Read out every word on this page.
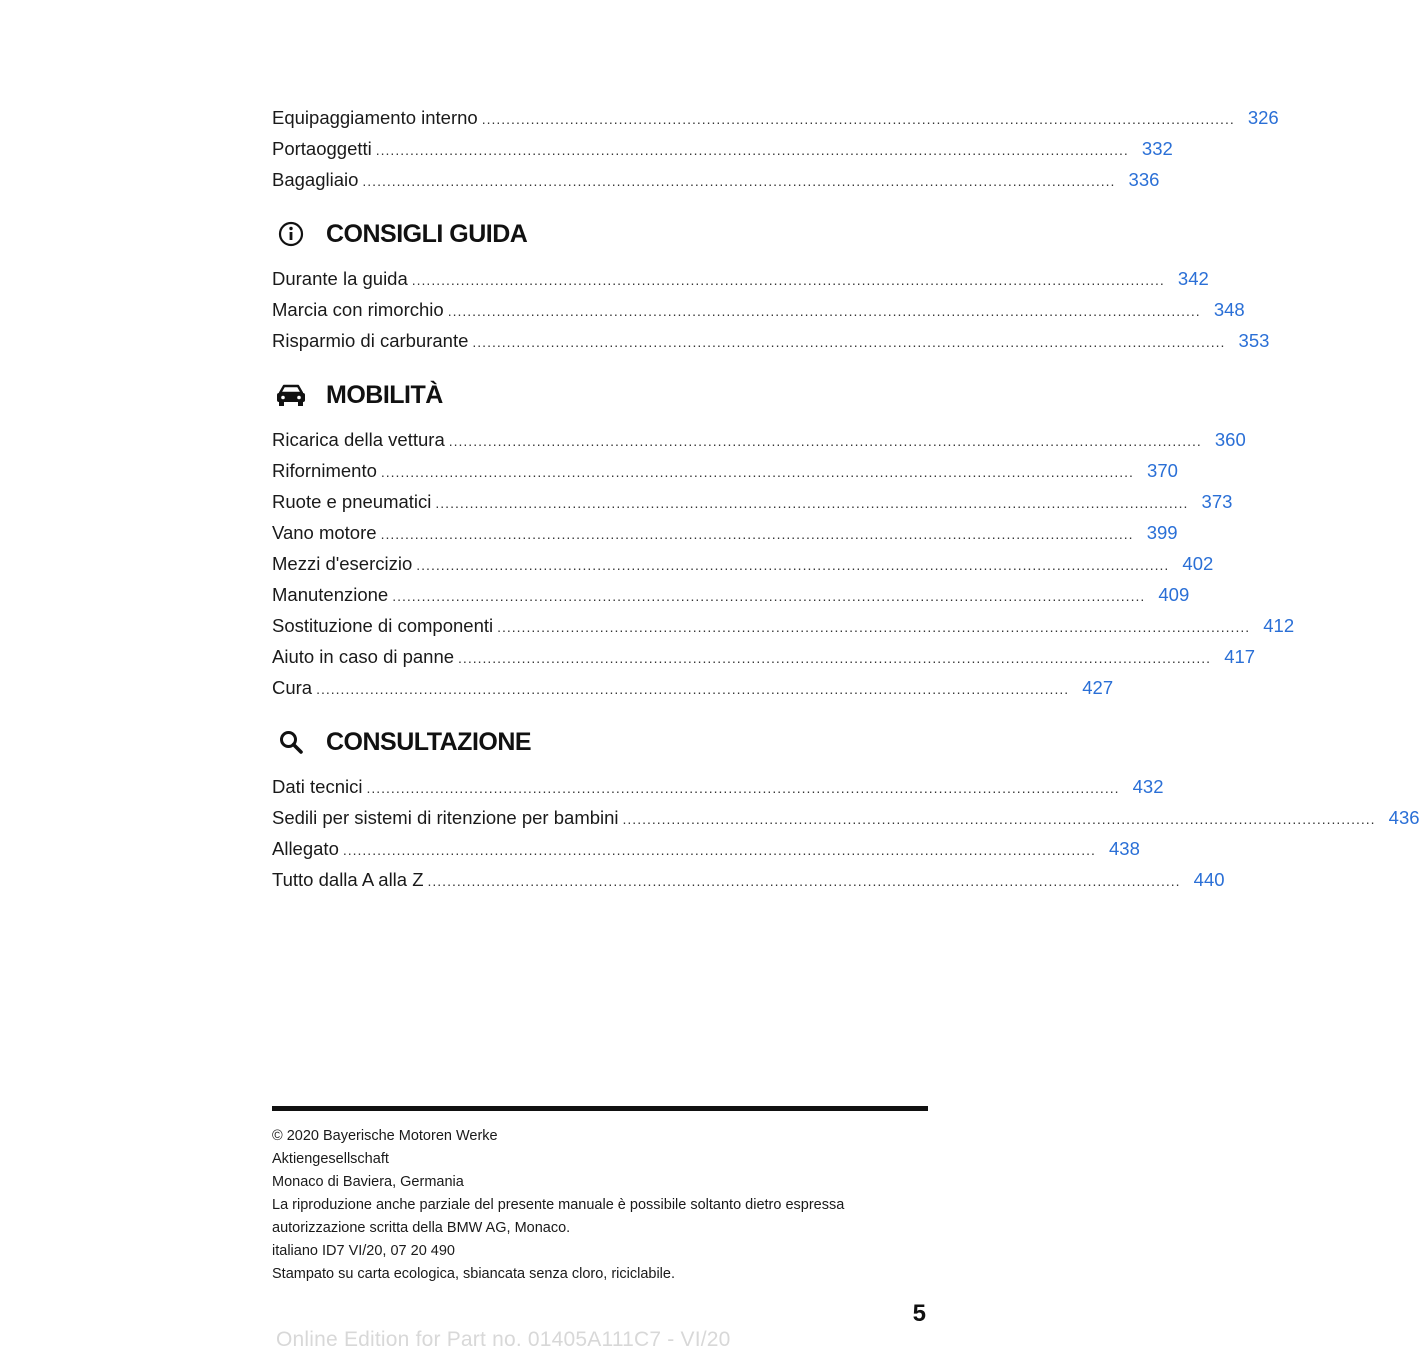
Equipaggiamento interno .......................................................................................................................................................... 326
Portaoggetti .......................................................................................................................................................... 332
Bagagliaio .......................................................................................................................................................... 336
CONSIGLI GUIDA
Durante la guida .......................................................................................................................................................... 342
Marcia con rimorchio .......................................................................................................................................................... 348
Risparmio di carburante .......................................................................................................................................................... 353
MOBILITÀ
Ricarica della vettura .......................................................................................................................................................... 360
Rifornimento .......................................................................................................................................................... 370
Ruote e pneumatici .......................................................................................................................................................... 373
Vano motore .......................................................................................................................................................... 399
Mezzi d'esercizio .......................................................................................................................................................... 402
Manutenzione .......................................................................................................................................................... 409
Sostituzione di componenti .......................................................................................................................................................... 412
Aiuto in caso di panne .......................................................................................................................................................... 417
Cura .......................................................................................................................................................... 427
CONSULTAZIONE
Dati tecnici .......................................................................................................................................................... 432
Sedili per sistemi di ritenzione per bambini .......................................................................................................................................................... 436
Allegato .......................................................................................................................................................... 438
Tutto dalla A alla Z .......................................................................................................................................................... 440
© 2020 Bayerische Motoren Werke
Aktiengesellschaft
Monaco di Baviera, Germania
La riproduzione anche parziale del presente manuale è possibile soltanto dietro espressa
autorizzazione scritta della BMW AG, Monaco.
italiano ID7 VI/20, 07 20 490
Stampato su carta ecologica, sbiancata senza cloro, riciclabile.
5
Online Edition for Part no. 01405A111C7 - VI/20
